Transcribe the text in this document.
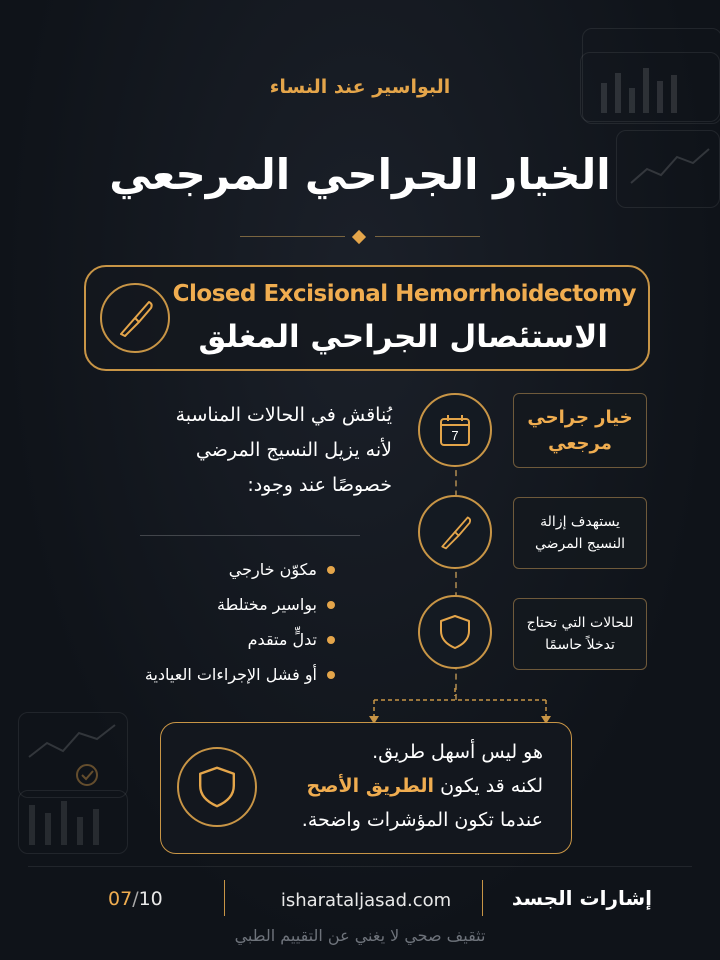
البواسير عند النساء
الخيار الجراحي المرجعي
Closed Excisional Hemorrhoidectomy
الاستئصال الجراحي المغلق
يُناقش في الحالات المناسبة
لأنه يزيل النسيج المرضي
خصوصًا عند وجود:
مكوّن خارجي
بواسير مختلطة
تدلٍّ متقدم
أو فشل الإجراءات العيادية
7
خيار جراحي
مرجعي
يستهدف إزالة
النسيج المرضي
للحالات التي تحتاج
تدخلاً حاسمًا
هو ليس أسهل طريق.
لكنه قد يكون الطريق الأصح
عندما تكون المؤشرات واضحة.
07/10	isharataljasad.com	إشارات الجسد
تثقيف صحي لا يغني عن التقييم الطبي
